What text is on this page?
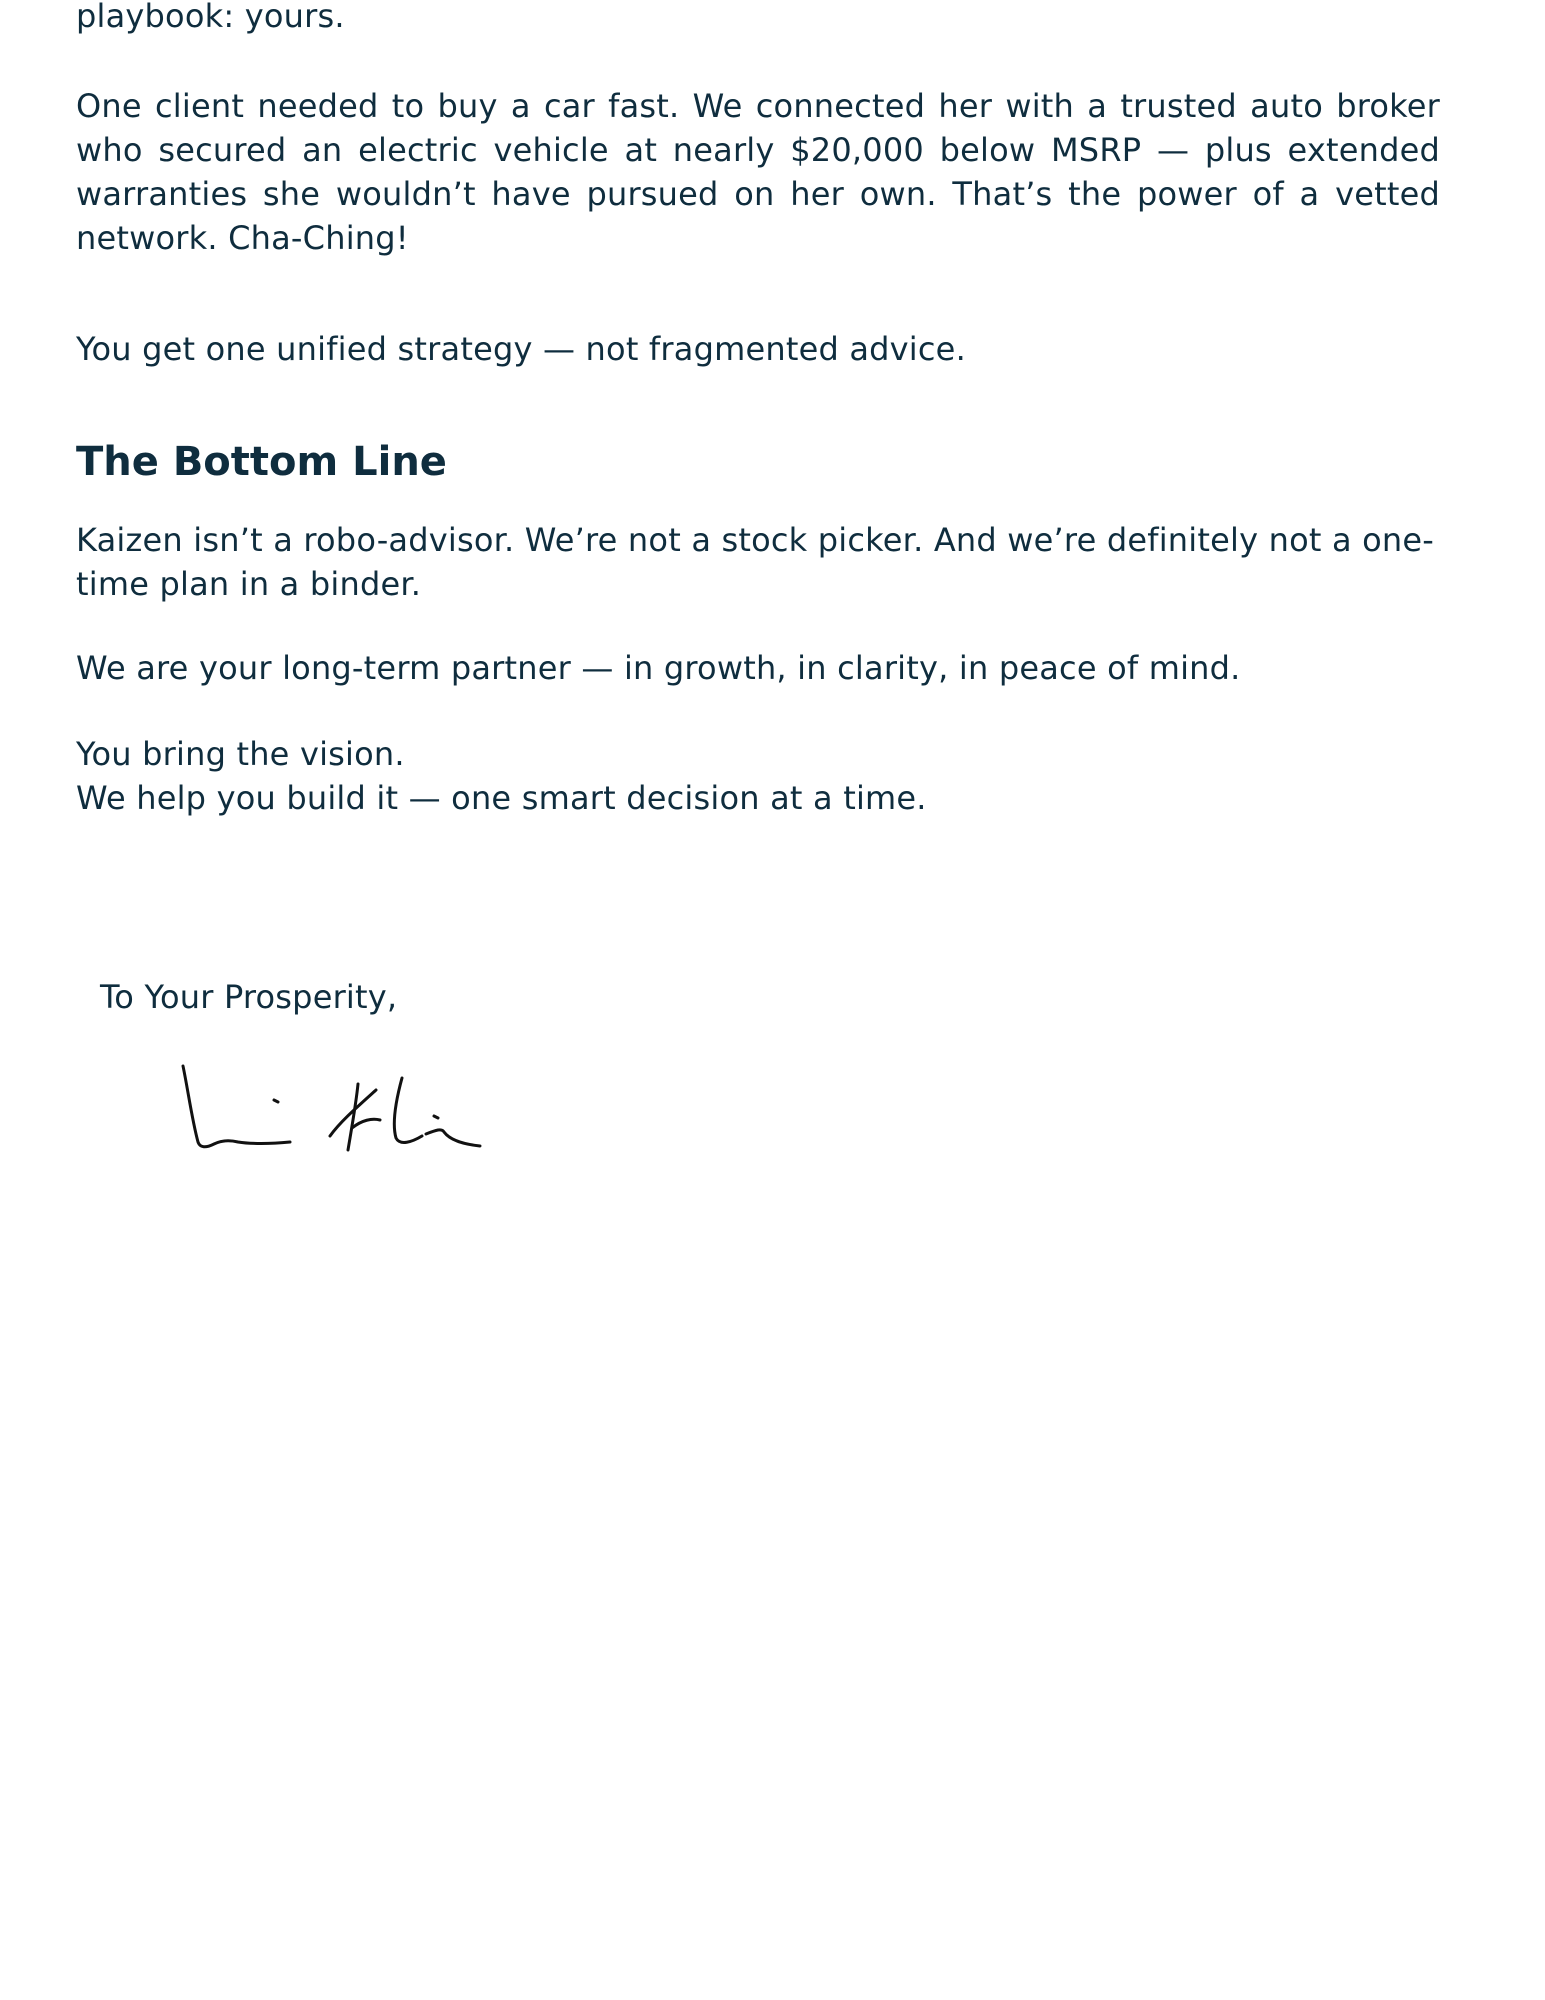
playbook: yours.

One client needed to buy a car fast. We connected her with a trusted auto broker who secured an electric vehicle at nearly $20,000 below MSRP — plus extended warranties she wouldn’t have pursued on her own. That’s the power of a vetted network. Cha-Ching!

You get one unified strategy — not fragmented advice.

The Bottom Line

Kaizen isn’t a robo-advisor. We’re not a stock picker. And we’re definitely not a one-time plan in a binder.

We are your long-term partner — in growth, in clarity, in peace of mind.

You bring the vision.
We help you build it — one smart decision at a time.

To Your Prosperity,
